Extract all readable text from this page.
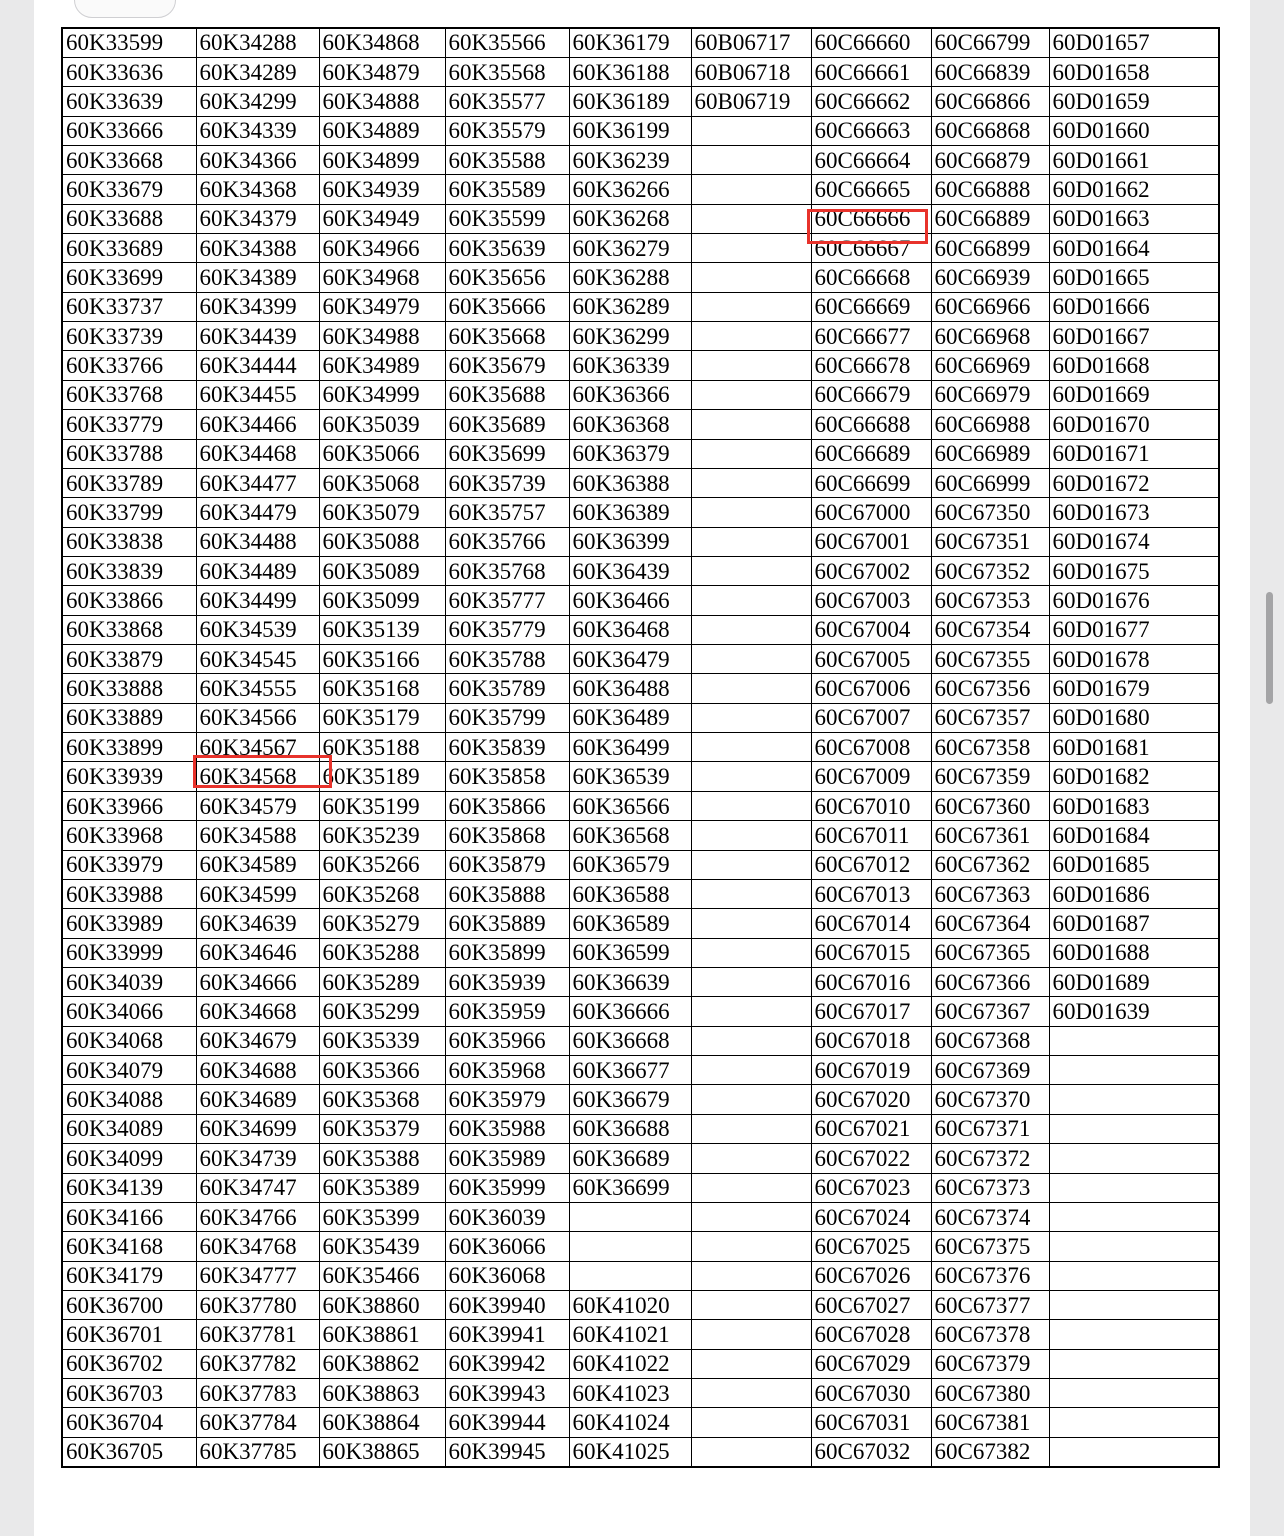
60K33599	60K34288	60K34868	60K35566	60K36179	60B06717	60C66660	60C66799	60D01657
60K33636	60K34289	60K34879	60K35568	60K36188	60B06718	60C66661	60C66839	60D01658
60K33639	60K34299	60K34888	60K35577	60K36189	60B06719	60C66662	60C66866	60D01659
60K33666	60K34339	60K34889	60K35579	60K36199		60C66663	60C66868	60D01660
60K33668	60K34366	60K34899	60K35588	60K36239		60C66664	60C66879	60D01661
60K33679	60K34368	60K34939	60K35589	60K36266		60C66665	60C66888	60D01662
60K33688	60K34379	60K34949	60K35599	60K36268		60C66666	60C66889	60D01663
60K33689	60K34388	60K34966	60K35639	60K36279		60C66667	60C66899	60D01664
60K33699	60K34389	60K34968	60K35656	60K36288		60C66668	60C66939	60D01665
60K33737	60K34399	60K34979	60K35666	60K36289		60C66669	60C66966	60D01666
60K33739	60K34439	60K34988	60K35668	60K36299		60C66677	60C66968	60D01667
60K33766	60K34444	60K34989	60K35679	60K36339		60C66678	60C66969	60D01668
60K33768	60K34455	60K34999	60K35688	60K36366		60C66679	60C66979	60D01669
60K33779	60K34466	60K35039	60K35689	60K36368		60C66688	60C66988	60D01670
60K33788	60K34468	60K35066	60K35699	60K36379		60C66689	60C66989	60D01671
60K33789	60K34477	60K35068	60K35739	60K36388		60C66699	60C66999	60D01672
60K33799	60K34479	60K35079	60K35757	60K36389		60C67000	60C67350	60D01673
60K33838	60K34488	60K35088	60K35766	60K36399		60C67001	60C67351	60D01674
60K33839	60K34489	60K35089	60K35768	60K36439		60C67002	60C67352	60D01675
60K33866	60K34499	60K35099	60K35777	60K36466		60C67003	60C67353	60D01676
60K33868	60K34539	60K35139	60K35779	60K36468		60C67004	60C67354	60D01677
60K33879	60K34545	60K35166	60K35788	60K36479		60C67005	60C67355	60D01678
60K33888	60K34555	60K35168	60K35789	60K36488		60C67006	60C67356	60D01679
60K33889	60K34566	60K35179	60K35799	60K36489		60C67007	60C67357	60D01680
60K33899	60K34567	60K35188	60K35839	60K36499		60C67008	60C67358	60D01681
60K33939	60K34568	60K35189	60K35858	60K36539		60C67009	60C67359	60D01682
60K33966	60K34579	60K35199	60K35866	60K36566		60C67010	60C67360	60D01683
60K33968	60K34588	60K35239	60K35868	60K36568		60C67011	60C67361	60D01684
60K33979	60K34589	60K35266	60K35879	60K36579		60C67012	60C67362	60D01685
60K33988	60K34599	60K35268	60K35888	60K36588		60C67013	60C67363	60D01686
60K33989	60K34639	60K35279	60K35889	60K36589		60C67014	60C67364	60D01687
60K33999	60K34646	60K35288	60K35899	60K36599		60C67015	60C67365	60D01688
60K34039	60K34666	60K35289	60K35939	60K36639		60C67016	60C67366	60D01689
60K34066	60K34668	60K35299	60K35959	60K36666		60C67017	60C67367	60D01639
60K34068	60K34679	60K35339	60K35966	60K36668		60C67018	60C67368	
60K34079	60K34688	60K35366	60K35968	60K36677		60C67019	60C67369	
60K34088	60K34689	60K35368	60K35979	60K36679		60C67020	60C67370	
60K34089	60K34699	60K35379	60K35988	60K36688		60C67021	60C67371	
60K34099	60K34739	60K35388	60K35989	60K36689		60C67022	60C67372	
60K34139	60K34747	60K35389	60K35999	60K36699		60C67023	60C67373	
60K34166	60K34766	60K35399	60K36039			60C67024	60C67374	
60K34168	60K34768	60K35439	60K36066			60C67025	60C67375	
60K34179	60K34777	60K35466	60K36068			60C67026	60C67376	
60K36700	60K37780	60K38860	60K39940	60K41020		60C67027	60C67377	
60K36701	60K37781	60K38861	60K39941	60K41021		60C67028	60C67378	
60K36702	60K37782	60K38862	60K39942	60K41022		60C67029	60C67379	
60K36703	60K37783	60K38863	60K39943	60K41023		60C67030	60C67380	
60K36704	60K37784	60K38864	60K39944	60K41024		60C67031	60C67381	
60K36705	60K37785	60K38865	60K39945	60K41025		60C67032	60C67382	
